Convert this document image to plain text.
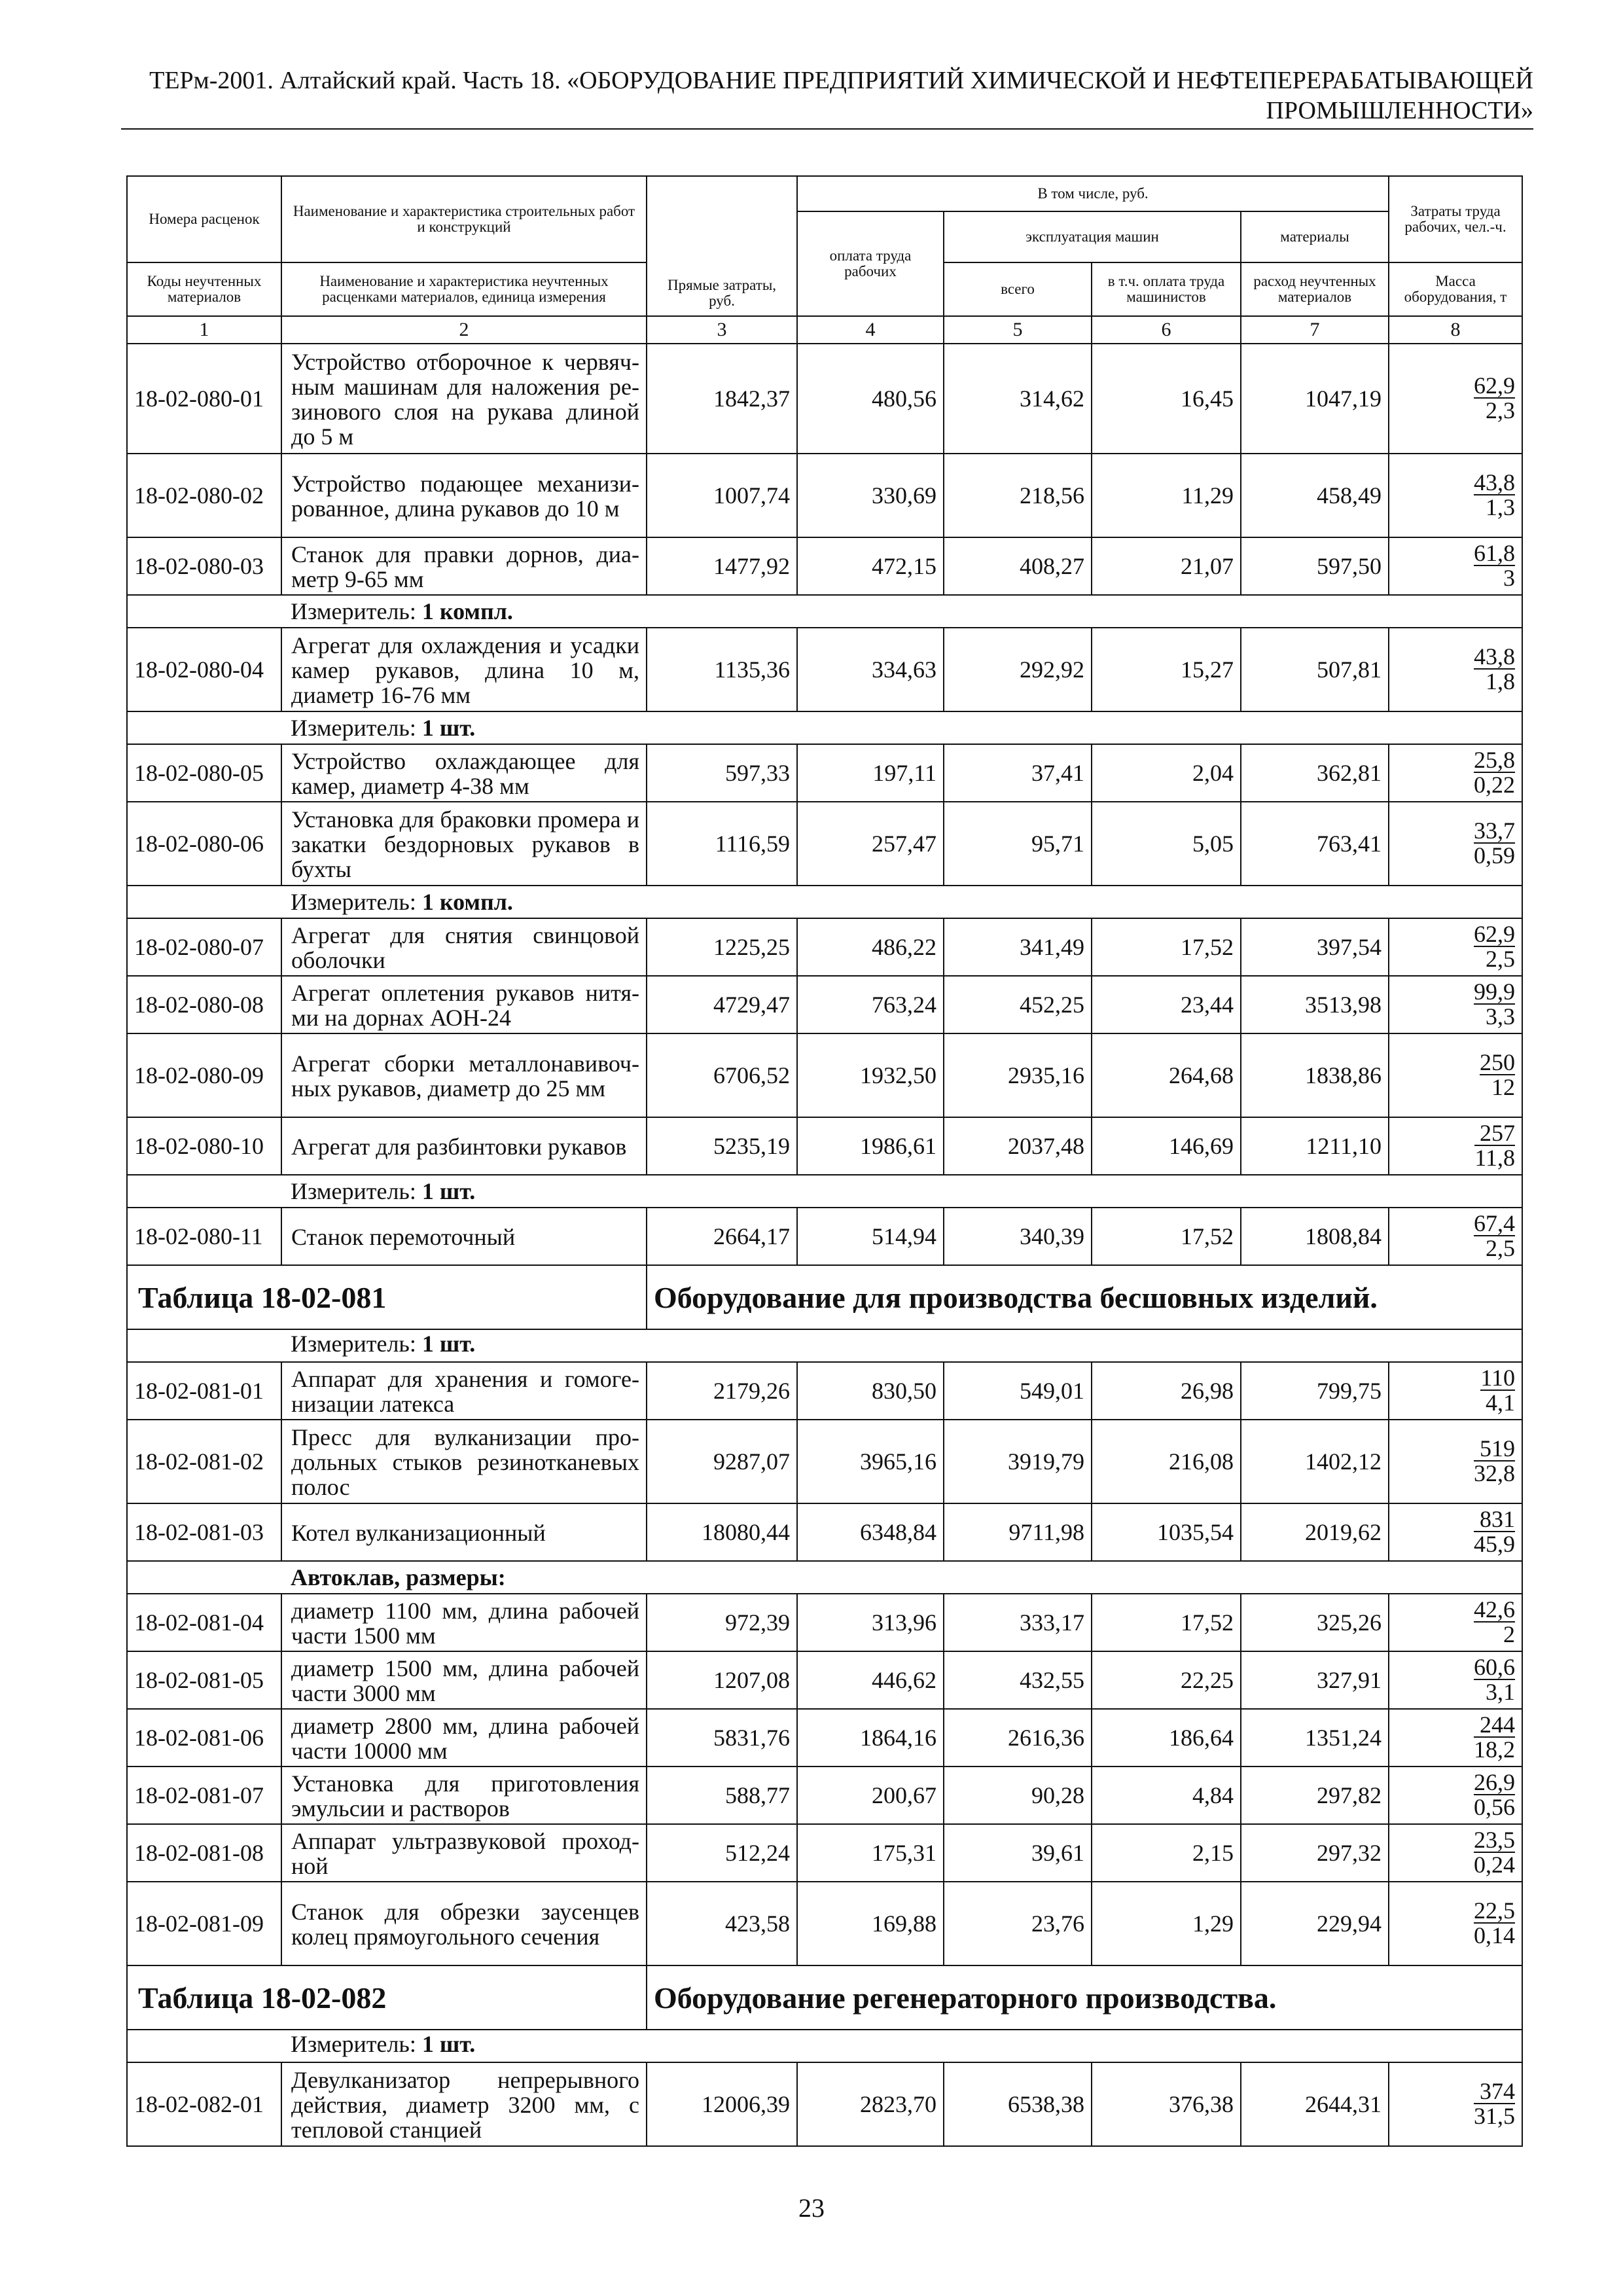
ТЕРм-2001. Алтайский край. Часть 18. «ОБОРУДОВАНИЕ ПРЕДПРИЯТИЙ ХИМИЧЕСКОЙ И НЕФТЕПЕРЕРАБАТЫВАЮЩЕЙ
ПРОМЫШЛЕННОСТИ»
Номера расценок	Наименование и характеристика строительных работ и конструкций	Прямые затраты, руб.	В том числе, руб.				Затраты труда рабочих, чел.-ч.
			оплата труда рабочих	эксплуатация машин		материалы	
Коды неучтенных материалов	Наименование и характеристика неучтенных расценками материалов, единица измерения			всего	в т.ч. оплата труда машинистов	расход неучтенных материалов	Масса оборудования, т
1	2	3	4	5	6	7	8
18-02-080-01	Устройство отборочное к червячным машинам для наложения резинового слоя на рукава длиной до 5 м	1842,37	480,56	314,62	16,45	1047,19	$\frac{62,9}{2,3}$

18-02-080-02	Устройство подающее механизированное, длина рукавов до 10 м	1007,74	330,69	218,56	11,29	458,49	$\frac{43,8}{1,3}$

18-02-080-03	Станок для правки дорнов, диаметр 9-65 мм	1477,92	472,15	408,27	21,07	597,50	$\frac{61,8}{3}$

	Измеритель: 1 компл.						
18-02-080-04	Агрегат для охлаждения и усадки камер рукавов, длина 10 м, диаметр 16-76 мм	1135,36	334,63	292,92	15,27	507,81	$\frac{43,8}{1,8}$

	Измеритель: 1 шт.						
18-02-080-05	Устройство охлаждающее для камер, диаметр 4-38 мм	597,33	197,11	37,41	2,04	362,81	$\frac{25,8}{0,22}$

18-02-080-06	Установка для браковки промера и закатки бездорновых рукавов в бухты	1116,59	257,47	95,71	5,05	763,41	$\frac{33,7}{0,59}$

	Измеритель: 1 компл.						
18-02-080-07	Агрегат для снятия свинцовой оболочки	1225,25	486,22	341,49	17,52	397,54	$\frac{62,9}{2,5}$

18-02-080-08	Агрегат оплетения рукавов нитями на дорнах АОН-24	4729,47	763,24	452,25	23,44	3513,98	$\frac{99,9}{3,3}$

18-02-080-09	Агрегат сборки металлонавивочных рукавов, диаметр до 25 мм	6706,52	1932,50	2935,16	264,68	1838,86	$\frac{250}{12}$

18-02-080-10	Агрегат для разбинтовки рукавов	5235,19	1986,61	2037,48	146,69	1211,10	$\frac{257}{11,8}$

	Измеритель: 1 шт.						
18-02-080-11	Станок перемоточный	2664,17	514,94	340,39	17,52	1808,84	$\frac{67,4}{2,5}$

Таблица 18-02-081		Оборудование для производства бесшовных изделий.					
	Измеритель: 1 шт.						
18-02-081-01	Аппарат для хранения и гомогенизации латекса	2179,26	830,50	549,01	26,98	799,75	$\frac{110}{4,1}$

18-02-081-02	Пресс для вулканизации продольных стыков резинотканевых полос	9287,07	3965,16	3919,79	216,08	1402,12	$\frac{519}{32,8}$

18-02-081-03	Котел вулканизационный	18080,44	6348,84	9711,98	1035,54	2019,62	$\frac{831}{45,9}$

	Автоклав, размеры:						
18-02-081-04	диаметр 1100 мм, длина рабочей части 1500 мм	972,39	313,96	333,17	17,52	325,26	$\frac{42,6}{2}$

18-02-081-05	диаметр 1500 мм, длина рабочей части 3000 мм	1207,08	446,62	432,55	22,25	327,91	$\frac{60,6}{3,1}$

18-02-081-06	диаметр 2800 мм, длина рабочей части 10000 мм	5831,76	1864,16	2616,36	186,64	1351,24	$\frac{244}{18,2}$

18-02-081-07	Установка для приготовления эмульсии и растворов	588,77	200,67	90,28	4,84	297,82	$\frac{26,9}{0,56}$

18-02-081-08	Аппарат ультразвуковой проходной	512,24	175,31	39,61	2,15	297,32	$\frac{23,5}{0,24}$

18-02-081-09	Станок для обрезки заусенцев колец прямоугольного сечения	423,58	169,88	23,76	1,29	229,94	$\frac{22,5}{0,14}$

Таблица 18-02-082		Оборудование регенераторного производства.					
	Измеритель: 1 шт.						
18-02-082-01	Девулканизатор непрерывного действия, диаметр 3200 мм, с тепловой станцией	12006,39	2823,70	6538,38	376,38	2644,31	$\frac{374}{31,5}$
23
